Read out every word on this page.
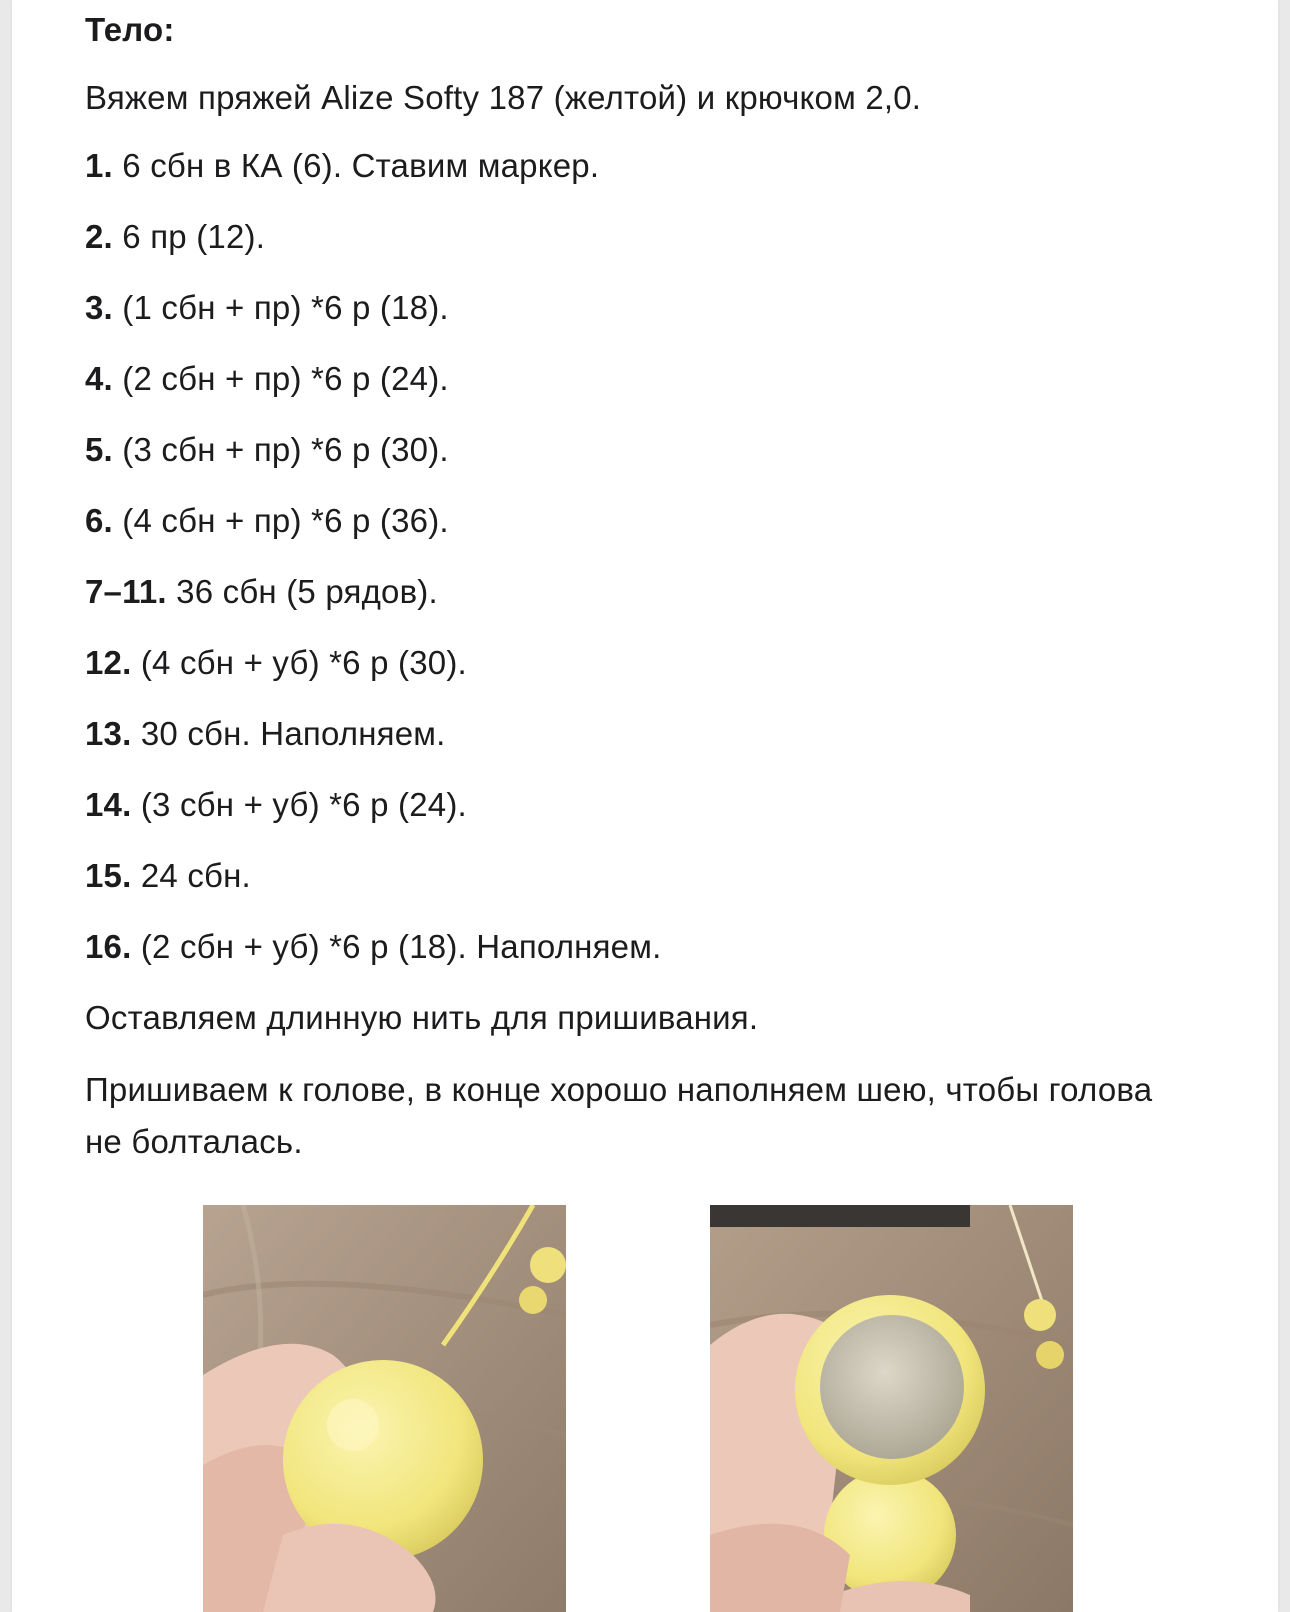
Тело:
Вяжем пряжей Alize Softy 187 (желтой) и крючком 2,0.
1. 6 сбн в КА (6). Ставим маркер.
2. 6 пр (12).
3. (1 сбн + пр) *6 р (18).
4. (2 сбн + пр) *6 р (24).
5. (3 сбн + пр) *6 р (30).
6. (4 сбн + пр) *6 р (36).
7–11. 36 сбн (5 рядов).
12. (4 сбн + уб) *6 р (30).
13. 30 сбн. Наполняем.
14. (3 сбн + уб) *6 р (24).
15. 24 сбн.
16. (2 сбн + уб) *6 р (18). Наполняем.
Оставляем длинную нить для пришивания.
Пришиваем к голове, в конце хорошо наполняем шею, чтобы голова не болталась.
